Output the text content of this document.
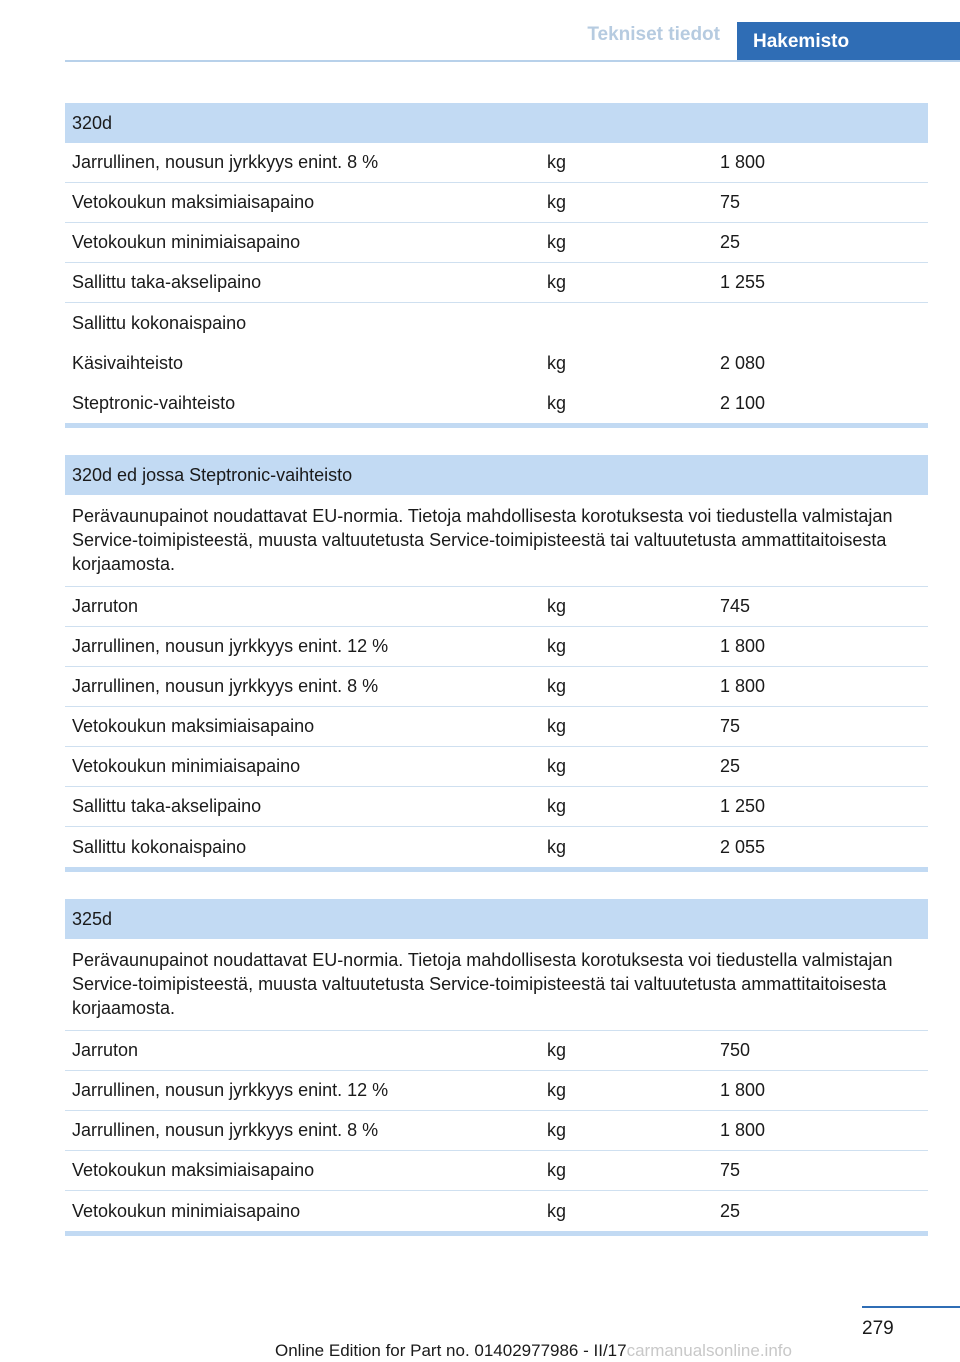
Tekniset tiedot	Hakemisto
320d
Jarrullinen, nousun jyrkkyys enint. 8 %	kg	1 800
Vetokoukun maksimiaisapaino	kg	75
Vetokoukun minimiaisapaino	kg	25
Sallittu taka-akselipaino	kg	1 255
Sallittu kokonaispaino
Käsivaihteisto	kg	2 080
Steptronic-vaihteisto	kg	2 100
320d ed jossa Steptronic-vaihteisto
Perävaunupainot noudattavat EU-normia. Tietoja mahdollisesta korotuksesta voi tiedustella valmistajan Service-toimipisteestä, muusta valtuutetusta Service-toimipisteestä tai valtuutetusta ammattitaitoisesta korjaamosta.
Jarruton	kg	745
Jarrullinen, nousun jyrkkyys enint. 12 %	kg	1 800
Jarrullinen, nousun jyrkkyys enint. 8 %	kg	1 800
Vetokoukun maksimiaisapaino	kg	75
Vetokoukun minimiaisapaino	kg	25
Sallittu taka-akselipaino	kg	1 250
Sallittu kokonaispaino	kg	2 055
325d
Perävaunupainot noudattavat EU-normia. Tietoja mahdollisesta korotuksesta voi tiedustella valmistajan Service-toimipisteestä, muusta valtuutetusta Service-toimipisteestä tai valtuutetusta ammattitaitoisesta korjaamosta.
Jarruton	kg	750
Jarrullinen, nousun jyrkkyys enint. 12 %	kg	1 800
Jarrullinen, nousun jyrkkyys enint. 8 %	kg	1 800
Vetokoukun maksimiaisapaino	kg	75
Vetokoukun minimiaisapaino	kg	25
279
Online Edition for Part no. 01402977986 - II/17carmanualsonline.info
